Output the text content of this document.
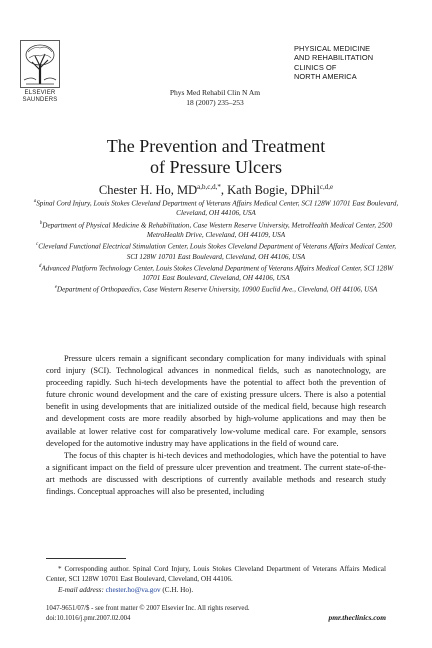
ELSEVIER
SAUNDERS
Phys Med Rehabil Clin N Am
18 (2007) 235–253
PHYSICAL MEDICINE
AND REHABILITATION
CLINICS OF
NORTH AMERICA
The Prevention and Treatment
of Pressure Ulcers
Chester H. Ho, $MD^{a,b,c,d,*}$, Kath Bogie, DPhil$^{c,d,e}$

$^a$Spinal Cord Injury, Louis Stokes Cleveland Department of Veterans Affairs Medical Center, SCI 128W 10701 East Boulevard, Cleveland, OH 44106, USA

$^b$Department of Physical Medicine & Rehabilitation, Case Western Reserve University, MetroHealth Medical Center, 2500 MetroHealth Drive, Cleveland, OH 44109, USA

$^c$Cleveland Functional Electrical Stimulation Center, Louis Stokes Cleveland Department of Veterans Affairs Medical Center, SCI 128W 10701 East Boulevard, Cleveland, OH 44106, USA

$^d$Advanced Platform Technology Center, Louis Stokes Cleveland Department of Veterans Affairs Medical Center, SCI 128W 10701 East Boulevard, Cleveland, OH 44106, USA

$^e$Department of Orthopaedics, Case Western Reserve University, 10900 Euclid Ave., Cleveland, OH 44106, USA

Pressure ulcers remain a significant secondary complication for many individuals with spinal cord injury (SCI). Technological advances in nonmedical fields, such as nanotechnology, are proceeding rapidly. Such hi-tech developments have the potential to affect both the prevention of future chronic wound development and the care of existing pressure ulcers. There is also a potential benefit in using developments that are initialized outside of the medical field, because high research and development costs are more readily absorbed by high-volume applications and may then be available at lower relative cost for comparatively low-volume medical care. For example, sensors developed for the automotive industry may have applications in the field of wound care.

The focus of this chapter is hi-tech devices and methodologies, which have the potential to have a significant impact on the field of pressure ulcer prevention and treatment. The current state-of-the-art methods are discussed with descriptions of currently available methods and research study findings. Conceptual approaches will also be presented, including

* Corresponding author. Spinal Cord Injury, Louis Stokes Cleveland Department of Veterans Affairs Medical Center, SCI 128W 10701 East Boulevard, Cleveland, OH 44106.

E-mail address: chester.ho@va.gov (C.H. Ho).

1047-9651/07/$ - see front matter © 2007 Elsevier Inc. All rights reserved.
doi:10.1016/j.pmr.2007.02.004	pmr.theclinics.com
